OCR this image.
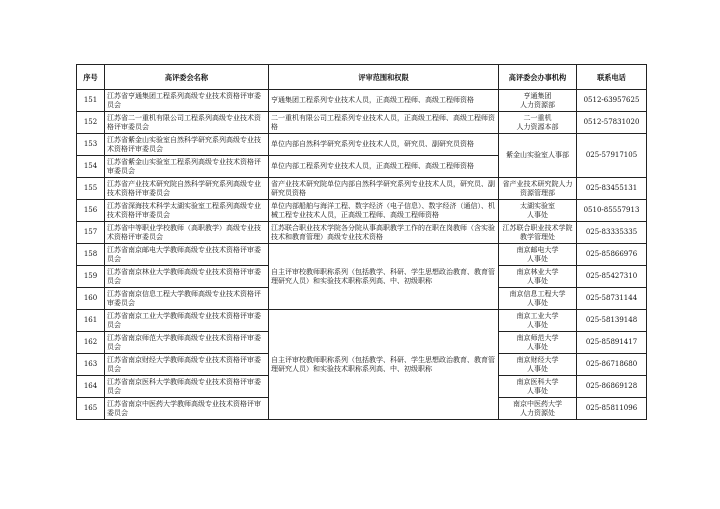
序号	高评委会名称	评审范围和权限	高评委会办事机构	联系电话
151	江苏省亨通集团工程系列高级专业技术资格评审委员会	亨通集团工程系列专业技术人员，正高级工程师、高级工程师资格	亨通集团
人力资源部	0512-63957625
152	江苏省二一重机有限公司工程系列高级专业技术资格评审委员会	二一重机有限公司工程系列专业技术人员，正高级工程师、高级工程师资格	二一重机
人力资源本部	0512-57831020
153	江苏省紫金山实验室自然科学研究系列高级专业技术资格评审委员会	单位内部自然科学研究系列专业技术人员，研究员、副研究员资格	紫金山实验室人事部	025-57917105
154	江苏省紫金山实验室工程系列高级专业技术资格评审委员会	单位内部工程系列专业技术人员，正高级工程师、高级工程师资格		
155	江苏省产业技术研究院自然科学研究系列高级专业技术资格评审委员会	省产业技术研究院单位内部自然科学研究系列专业技术人员，研究员、副研究员资格	省产业技术研究院人力资源管理部	025-83455131
156	江苏省深海技术科学太湖实验室工程系列高级专业技术资格评审委员会	单位内部船舶与海洋工程、数字经济（电子信息）、数字经济（通信）、机械工程专业技术人员，正高级工程师、高级工程师资格	太湖实验室
人事处	0510-85557913
157	江苏省中等职业学校教师（高职教学）高级专业技术资格评审委员会	江苏联合职业技术学院各分院从事高职教学工作的在职在岗教师（含实验技术和教育管理）高级专业技术资格	江苏联合职业技术学院教学管理处	025-83335335
158	江苏省南京邮电大学教师高级专业技术资格评审委员会	自主评审校教师职称系列（包括教学、科研、学生思想政治教育、教育管理研究人员）和实验技术职称系列高、中、初级职称	南京邮电大学
人事处	025-85866976
159	江苏省南京林业大学教师高级专业技术资格评审委员会		南京林业大学
人事处	025-85427310
160	江苏省南京信息工程大学教师高级专业技术资格评审委员会		南京信息工程大学
人事处	025-58731144
161	江苏省南京工业大学教师高级专业技术资格评审委员会	自主评审校教师职称系列（包括教学、科研、学生思想政治教育、教育管理研究人员）和实验技术职称系列高、中、初级职称	南京工业大学
人事处	025-58139148
162	江苏省南京师范大学教师高级专业技术资格评审委员会		南京师范大学
人事处	025-85891417
163	江苏省南京财经大学教师高级专业技术资格评审委员会		南京财经大学
人事处	025-86718680
164	江苏省南京医科大学教师高级专业技术资格评审委员会		南京医科大学
人事处	025-86869128
165	江苏省南京中医药大学教师高级专业技术资格评审委员会		南京中医药大学
人力资源处	025-85811096
